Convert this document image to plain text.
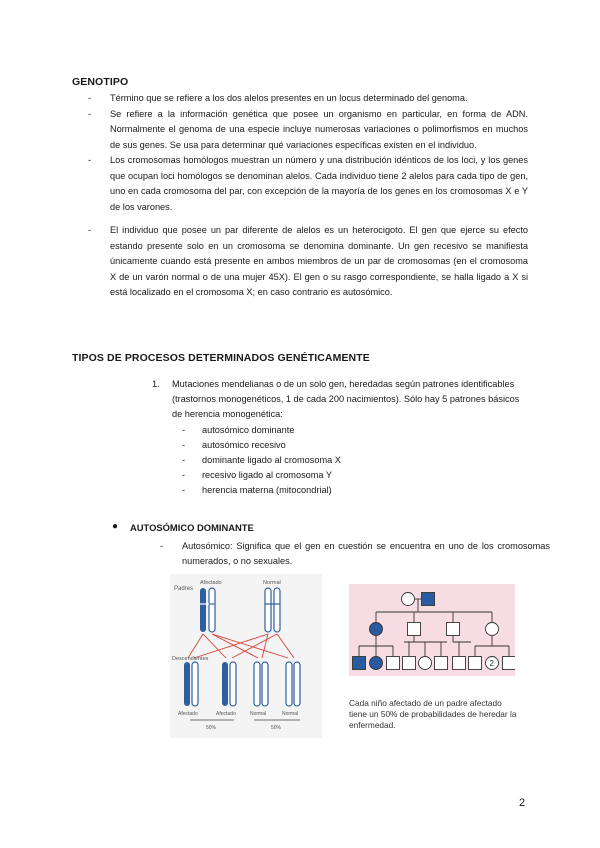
GENOTIPO
- Término que se refiere a los dos alelos presentes en un locus determinado del genoma.
- Se refiere a la información genética que posee un organismo en particular, en forma de ADN. Normalmente el genoma de una especie incluye numerosas variaciones o polimorfismos en muchos de sus genes. Se usa para determinar qué variaciones específicas existen en el individuo.
- Los cromosomas homólogos muestran un número y una distribución idénticos de los loci, y los genes que ocupan loci homólogos se denominan alelos. Cada individuo tiene 2 alelos para cada tipo de gen, uno en cada cromosoma del par, con excepción de la mayoría de los genes en los cromosomas X e Y de los varones.
- El individuo que posee un par diferente de alelos es un heterocigoto. El gen que ejerce su efecto estando presente solo en un cromosoma se denomina dominante. Un gen recesivo se manifiesta únicamente cuando está presente en ambos miembros de un par de cromosomas (en el cromosoma X de un varón normal o de una mujer 45X). El gen o su rasgo correspondiente, se halla ligado a X si está localizado en el cromosoma X; en caso contrario es autosómico.
TIPOS DE PROCESOS DETERMINADOS GENÉTICAMENTE
1. Mutaciones mendelianas o de un solo gen, heredadas según patrones identificables (trastornos monogenéticos, 1 de cada 200 nacimientos). Sólo hay 5 patrones básicos de herencia monogenética:
- autosómico dominante
- autosómico recesivo
- dominante ligado al cromosoma X
- recesivo ligado al cromosoma Y
- herencia materna (mitocondrial)
● AUTOSÓMICO DOMINANTE
- Autosómico: Significa que el gen en cuestión se encuentra en uno de los cromosomas numerados, o no sexuales.
Padres
Afectado	Normal
Descendientes
Afectado	Afectado	Normal	Normal
50%	50%
2
Cada niño afectado de un padre afectado tiene un 50% de probabilidades de heredar la enfermedad.
2
